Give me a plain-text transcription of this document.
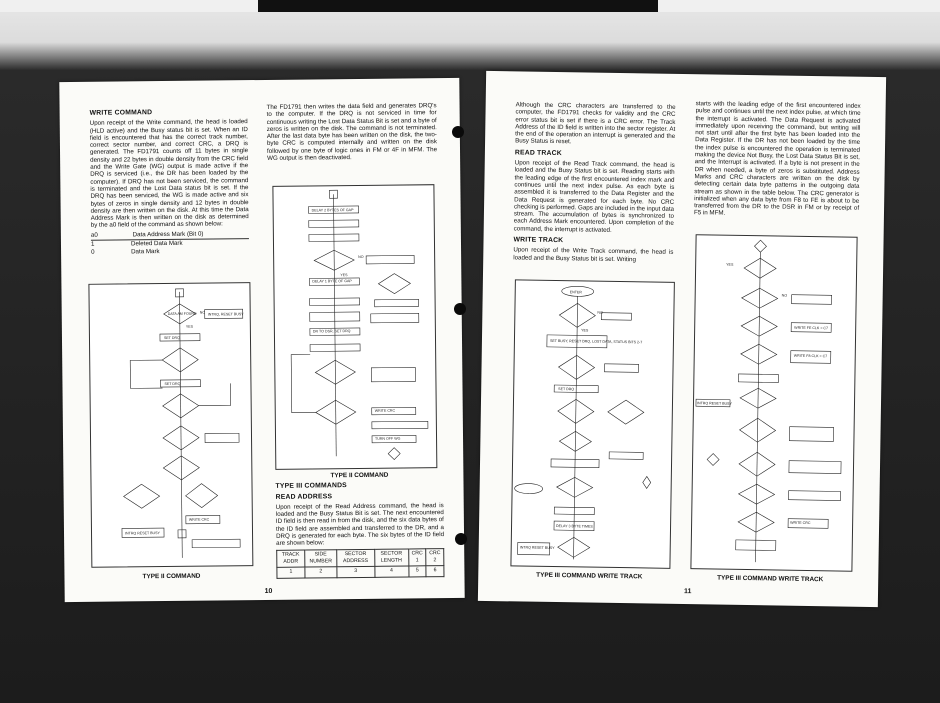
WRITE COMMAND

Upon receipt of the Write command, the head is loaded (HLD active) and the Busy status bit is set. When an ID field is encountered that has the correct track number, correct sector number, and correct CRC, a DRQ is generated. The FD1791 counts off 11 bytes in single density and 22 bytes in double density from the CRC field and the Write Gate (WG) output is made active if the DRQ is serviced (i.e., the DR has been loaded by the computer). If DRQ has not been serviced, the command is terminated and the Lost Data status bit is set. If the DRQ has been serviced, the WG is made active and six bytes of zeros in single density and 12 bytes in double density are then written on the disk. At this time the Data Address Mark is then written on the disk as determined by the a0 field of the command as shown below:

a0	Data Address Mark (Bit 0)
1	Deleted Data Mark
0	Data Mark
DATA AM FOUND	INTRQ, RESET BUSY
SET DRQ
SET DRQ
YES
NO
WRITE CRC
INTRQ RESET BUSY
TYPE II COMMAND

The FD1791 then writes the data field and generates DRQ's to the computer. If the DRQ is not serviced in time for continuous writing the Lost Data Status Bit is set and a byte of zeros is written on the disk. The command is not terminated. After the last data byte has been written on the disk, the two-byte CRC is computed internally and written on the disk followed by one byte of logic ones in FM or 4F in MFM. The WG output is then deactivated.

DELAY 2 BYTES OF GAP
DELAY 1 BYTE OF GAP
DR TO DSR, SET DRQ
WRITE CRC
TURN OFF WG
YES
NO
TYPE II COMMAND
TYPE III COMMANDS
READ ADDRESS

Upon receipt of the Read Address command, the head is loaded and the Busy Status Bit is set. The next encountered ID field is then read in from the disk, and the six data bytes of the ID field are assembled and transferred to the DR, and a DRQ is generated for each byte. The six bytes of the ID field are shown below:

TRACK ADDR	SIDE NUMBER	SECTOR ADDRESS	SECTOR LENGTH	CRC 1	CRC 2
1	2	3	4	5	6
10

Although the CRC characters are transferred to the computer, the FD1791 checks for validity and the CRC error status bit is set if there is a CRC error. The Track Address of the ID field is written into the sector register. At the end of the operation an interrupt is generated and the Busy Status is reset.

READ TRACK

Upon receipt of the Read Track command, the head is loaded and the Busy Status bit is set. Reading starts with the leading edge of the first encountered index mark and continues until the next index pulse. As each byte is assembled it is transferred to the Data Register and the Data Request is generated for each byte. No CRC checking is performed. Gaps are included in the input data stream. The accumulation of bytes is synchronized to each Address Mark encountered. Upon completion of the command, the interrupt is activated.

WRITE TRACK

Upon receipt of the Write Track command, the head is loaded and the Busy Status bit is set. Writing

ENTER
SET BUSY, RESET DRQ, LOST DATA, STATUS BITS 2-7
SET DRQ
DELAY 3 BYTE TIMES
INTRQ RESET BUSY
YES
NO
TYPE III COMMAND WRITE TRACK

starts with the leading edge of the first encountered index pulse and continues until the next index pulse, at which time the interrupt is activated. The Data Request is activated immediately upon receiving the command, but writing will not start until after the first byte has been loaded into the Data Register. If the DR has not been loaded by the time the index pulse is encountered the operation is terminated making the device Not Busy, the Lost Data Status Bit is set, and the Interrupt is activated. If a byte is not present in the DR when needed, a byte of zeros is substituted. Address Marks and CRC characters are written on the disk by detecting certain data byte patterns in the outgoing data stream as shown in the table below. The CRC generator is initialized when any data byte from F8 to FE is about to be transferred from the DR to the DSR in FM or by receipt of F5 in MFM.

WRITE FE CLK = C7
WRITE F8 CLK = C7
INTRQ RESET BUSY
WRITE CRC
YES
NO
TYPE III COMMAND WRITE TRACK
11
